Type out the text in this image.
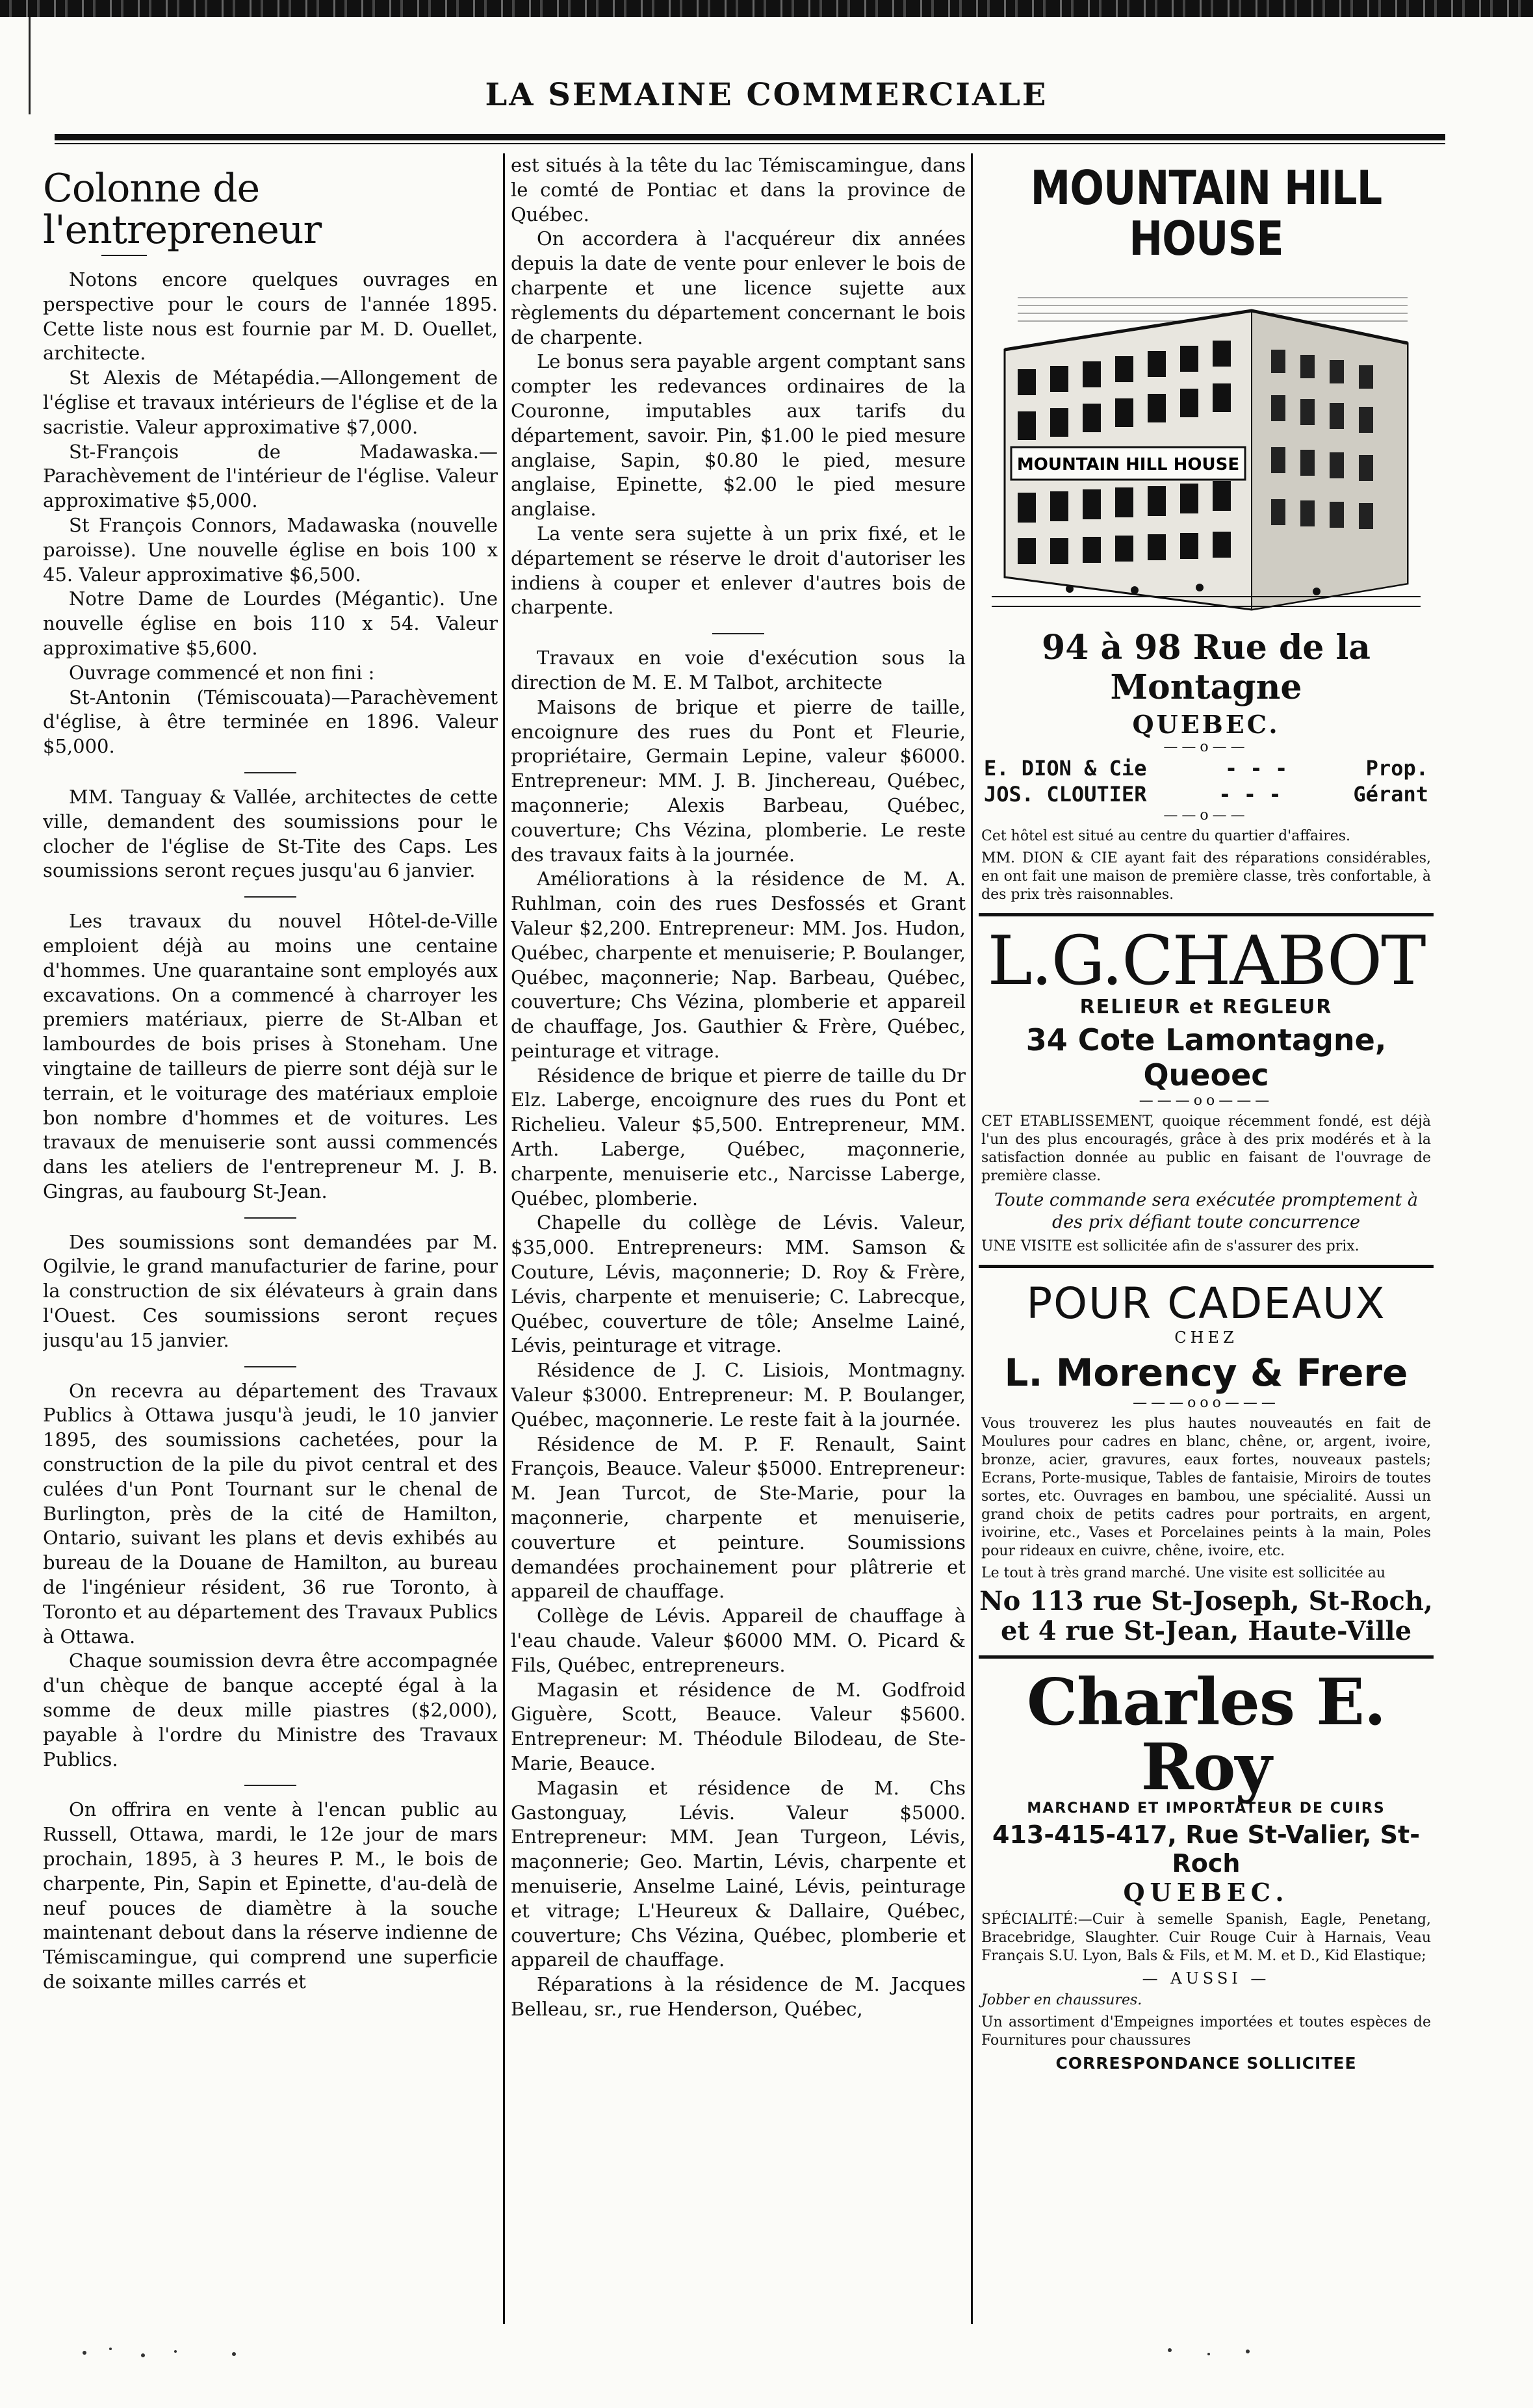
LA SEMAINE COMMERCIALE
Colonne de l'entrepreneur

Notons encore quelques ouvrages en perspective pour le cours de l'année 1895. Cette liste nous est fournie par M. D. Ouellet, architecte.

St Alexis de Métapédia.—Allongement de l'église et travaux intérieurs de l'église et de la sacristie. Valeur approximative $7,000.

St-François de Madawaska.—Parachèvement de l'intérieur de l'église. Valeur approximative $5,000.

St François Connors, Madawaska (nouvelle paroisse). Une nouvelle église en bois 100 x 45. Valeur approximative $6,500.

Notre Dame de Lourdes (Mégantic). Une nouvelle église en bois 110 x 54. Valeur approximative $5,600.

Ouvrage commencé et non fini :

St-Antonin (Témiscouata)—Parachèvement d'église, à être terminée en 1896. Valeur $5,000.

MM. Tanguay & Vallée, architectes de cette ville, demandent des soumissions pour le clocher de l'église de St-Tite des Caps. Les soumissions seront reçues jusqu'au 6 janvier.

Les travaux du nouvel Hôtel-de-Ville emploient déjà au moins une centaine d'hommes. Une quarantaine sont employés aux excavations. On a commencé à charroyer les premiers matériaux, pierre de St-Alban et lambourdes de bois prises à Stoneham. Une vingtaine de tailleurs de pierre sont déjà sur le terrain, et le voiturage des matériaux emploie bon nombre d'hommes et de voitures. Les travaux de menuiserie sont aussi commencés dans les ateliers de l'entrepreneur M. J. B. Gingras, au faubourg St-Jean.

Des soumissions sont demandées par M. Ogilvie, le grand manufacturier de farine, pour la construction de six élévateurs à grain dans l'Ouest. Ces soumissions seront reçues jusqu'au 15 janvier.

On recevra au département des Travaux Publics à Ottawa jusqu'à jeudi, le 10 janvier 1895, des soumissions cachetées, pour la construction de la pile du pivot central et des culées d'un Pont Tournant sur le chenal de Burlington, près de la cité de Hamilton, Ontario, suivant les plans et devis exhibés au bureau de la Douane de Hamilton, au bureau de l'ingénieur résident, 36 rue Toronto, à Toronto et au département des Travaux Publics à Ottawa.

Chaque soumission devra être accompagnée d'un chèque de banque accepté égal à la somme de deux mille piastres ($2,000), payable à l'ordre du Ministre des Travaux Publics.

On offrira en vente à l'encan public au Russell, Ottawa, mardi, le 12e jour de mars prochain, 1895, à 3 heures P. M., le bois de charpente, Pin, Sapin et Epinette, d'au-delà de neuf pouces de diamètre à la souche maintenant debout dans la réserve indienne de Témiscamingue, qui comprend une superficie de soixante milles carrés et

est situés à la tête du lac Témiscamingue, dans le comté de Pontiac et dans la province de Québec.

On accordera à l'acquéreur dix années depuis la date de vente pour enlever le bois de charpente et une licence sujette aux règlements du département concernant le bois de charpente.

Le bonus sera payable argent comptant sans compter les redevances ordinaires de la Couronne, imputables aux tarifs du département, savoir. Pin, $1.00 le pied mesure anglaise, Sapin, $0.80 le pied, mesure anglaise, Epinette, $2.00 le pied mesure anglaise.

La vente sera sujette à un prix fixé, et le département se réserve le droit d'autoriser les indiens à couper et enlever d'autres bois de charpente.

Travaux en voie d'exécution sous la direction de M. E. M Talbot, architecte

Maisons de brique et pierre de taille, encoignure des rues du Pont et Fleurie, propriétaire, Germain Lepine, valeur $6000. Entrepreneur: MM. J. B. Jinchereau, Québec, maçonnerie; Alexis Barbeau, Québec, couverture; Chs Vézina, plomberie. Le reste des travaux faits à la journée.

Améliorations à la résidence de M. A. Ruhlman, coin des rues Desfossés et Grant Valeur $2,200. Entrepreneur: MM. Jos. Hudon, Québec, charpente et menuiserie; P. Boulanger, Québec, maçonnerie; Nap. Barbeau, Québec, couverture; Chs Vézina, plomberie et appareil de chauffage, Jos. Gauthier & Frère, Québec, peinturage et vitrage.

Résidence de brique et pierre de taille du Dr Elz. Laberge, encoignure des rues du Pont et Richelieu. Valeur $5,500. Entrepreneur, MM. Arth. Laberge, Québec, maçonnerie, charpente, menuiserie etc., Narcisse Laberge, Québec, plomberie.

Chapelle du collège de Lévis. Valeur, $35,000. Entrepreneurs: MM. Samson & Couture, Lévis, maçonnerie; D. Roy & Frère, Lévis, charpente et menuiserie; C. Labrecque, Québec, couverture de tôle; Anselme Lainé, Lévis, peinturage et vitrage.

Résidence de J. C. Lisiois, Montmagny. Valeur $3000. Entrepreneur: M. P. Boulanger, Québec, maçonnerie. Le reste fait à la journée.

Résidence de M. P. F. Renault, Saint François, Beauce. Valeur $5000. Entrepreneur: M. Jean Turcot, de Ste-Marie, pour la maçonnerie, charpente et menuiserie, couverture et peinture. Soumissions demandées prochainement pour plâtrerie et appareil de chauffage.

Collège de Lévis. Appareil de chauffage à l'eau chaude. Valeur $6000 MM. O. Picard & Fils, Québec, entrepreneurs.

Magasin et résidence de M. Godfroid Giguère, Scott, Beauce. Valeur $5600. Entrepreneur: M. Théodule Bilodeau, de Ste-Marie, Beauce.

Magasin et résidence de M. Chs Gastonguay, Lévis. Valeur $5000. Entrepreneur: MM. Jean Turgeon, Lévis, maçonnerie; Geo. Martin, Lévis, charpente et menuiserie, Anselme Lainé, Lévis, peinturage et vitrage; L'Heureux & Dallaire, Québec, couverture; Chs Vézina, Québec, plomberie et appareil de chauffage.

Réparations à la résidence de M. Jacques Belleau, sr., rue Henderson, Québec,

MOUNTAIN HILL HOUSE
MOUNTAIN HILL HOUSE
94 à 98 Rue de la Montagne
QUEBEC.
——o——
E. DION & Cie	- - -	Prop.
JOS. CLOUTIER	- - -	Gérant
——o——

Cet hôtel est situé au centre du quartier d'affaires.

MM. DION & CIE ayant fait des réparations considérables, en ont fait une maison de première classe, très confortable, à des prix très raisonnables.

L.G.CHABOT
RELIEUR et REGLEUR
34 Cote Lamontagne, Queoec
———oo———

CET ETABLISSEMENT, quoique récemment fondé, est déjà l'un des plus encouragés, grâce à des prix modérés et à la satisfaction donnée au public en faisant de l'ouvrage de première classe.

Toute commande sera exécutée promptement à des prix défiant toute concurrence

UNE VISITE est sollicitée afin de s'assurer des prix.

POUR CADEAUX
CHEZ
L. Morency & Frere
———ooo———

Vous trouverez les plus hautes nouveautés en fait de Moulures pour cadres en blanc, chêne, or, argent, ivoire, bronze, acier, gravures, eaux fortes, nouveaux pastels; Ecrans, Porte-musique, Tables de fantaisie, Miroirs de toutes sortes, etc. Ouvrages en bambou, une spécialité. Aussi un grand choix de petits cadres pour portraits, en argent, ivoirine, etc., Vases et Porcelaines peints à la main, Poles pour rideaux en cuivre, chêne, ivoire, etc.

Le tout à très grand marché. Une visite est sollicitée au

No 113 rue St-Joseph, St-Roch, et 4 rue St-Jean, Haute-Ville
Charles E. Roy
MARCHAND ET IMPORTATEUR DE CUIRS
413-415-417, Rue St-Valier, St-Roch
QUEBEC.

SPÉCIALITÉ:—Cuir à semelle Spanish, Eagle, Penetang, Bracebridge, Slaughter. Cuir Rouge Cuir à Harnais, Veau Français S.U. Lyon, Bals & Fils, et M. M. et D., Kid Elastique;

— AUSSI —

Jobber en chaussures.

Un assortiment d'Empeignes importées et toutes espèces de Fournitures pour chaussures

CORRESPONDANCE SOLLICITEE
